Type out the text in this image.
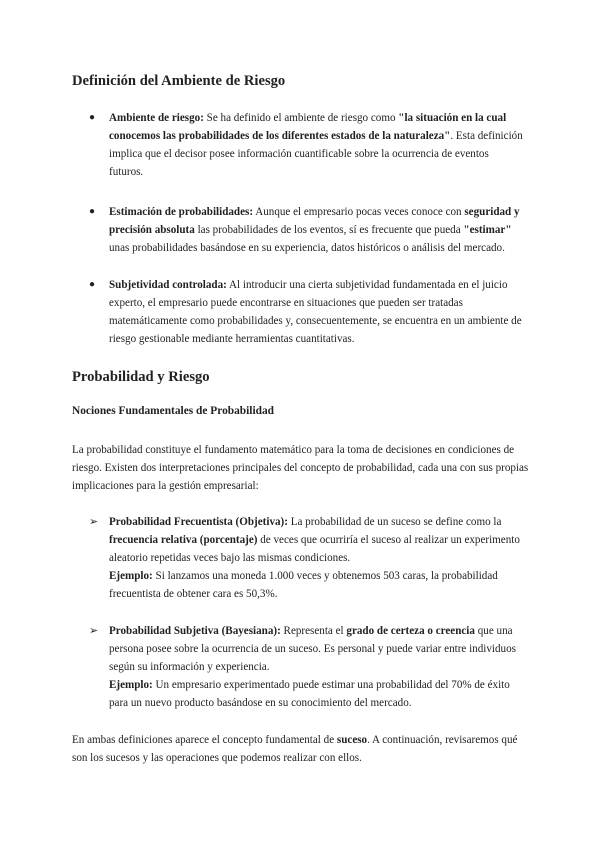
Definición del Ambiente de Riesgo
● Ambiente de riesgo: Se ha definido el ambiente de riesgo como "la situación en la cual conocemos las probabilidades de los diferentes estados de la naturaleza". Esta definición implica que el decisor posee información cuantificable sobre la ocurrencia de eventos futuros.
● Estimación de probabilidades: Aunque el empresario pocas veces conoce con seguridad y precisión absoluta las probabilidades de los eventos, sí es frecuente que pueda "estimar" unas probabilidades basándose en su experiencia, datos históricos o análisis del mercado.
● Subjetividad controlada: Al introducir una cierta subjetividad fundamentada en el juicio experto, el empresario puede encontrarse en situaciones que pueden ser tratadas matemáticamente como probabilidades y, consecuentemente, se encuentra en un ambiente de riesgo gestionable mediante herramientas cuantitativas.
Probabilidad y Riesgo
Nociones Fundamentales de Probabilidad
La probabilidad constituye el fundamento matemático para la toma de decisiones en condiciones de riesgo. Existen dos interpretaciones principales del concepto de probabilidad, cada una con sus propias implicaciones para la gestión empresarial:
➢ Probabilidad Frecuentista (Objetiva): La probabilidad de un suceso se define como la frecuencia relativa (porcentaje) de veces que ocurriría el suceso al realizar un experimento aleatorio repetidas veces bajo las mismas condiciones.
Ejemplo: Si lanzamos una moneda 1.000 veces y obtenemos 503 caras, la probabilidad frecuentista de obtener cara es 50,3%.
➢ Probabilidad Subjetiva (Bayesiana): Representa el grado de certeza o creencia que una persona posee sobre la ocurrencia de un suceso. Es personal y puede variar entre individuos según su información y experiencia.
Ejemplo: Un empresario experimentado puede estimar una probabilidad del 70% de éxito para un nuevo producto basándose en su conocimiento del mercado.
En ambas definiciones aparece el concepto fundamental de suceso. A continuación, revisaremos qué son los sucesos y las operaciones que podemos realizar con ellos.
